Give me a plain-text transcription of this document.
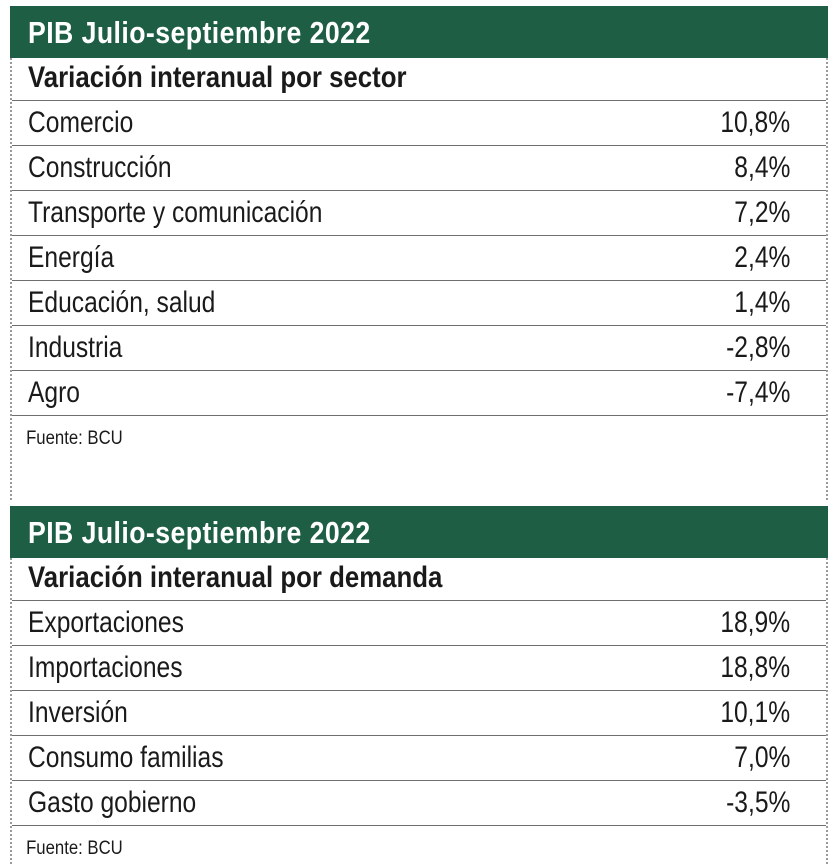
PIB Julio-septiembre 2022
Variación interanual por sector
Comercio	10,8%
Construcción	8,4%
Transporte y comunicación	7,2%
Energía	2,4%
Educación, salud	1,4%
Industria	-2,8%
Agro	-7,4%
Fuente: BCU
PIB Julio-septiembre 2022
Variación interanual por demanda
Exportaciones	18,9%
Importaciones	18,8%
Inversión	10,1%
Consumo familias	7,0%
Gasto gobierno	-3,5%
Fuente: BCU
